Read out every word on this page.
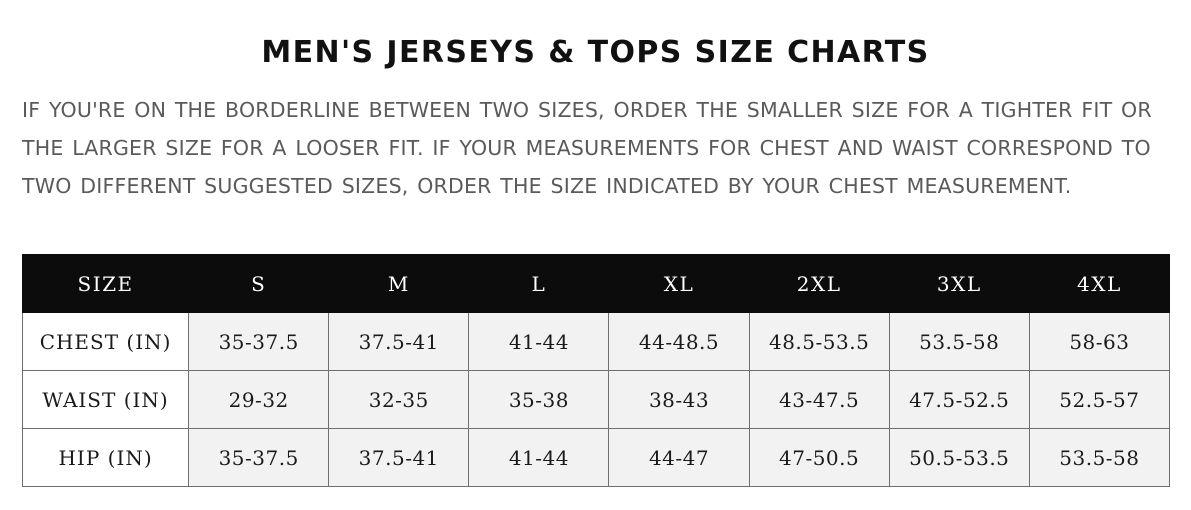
MEN'S JERSEYS & TOPS SIZE CHARTS

IF YOU'RE ON THE BORDERLINE BETWEEN TWO SIZES, ORDER THE SMALLER SIZE FOR A TIGHTER FIT OR THE LARGER SIZE FOR A LOOSER FIT. IF YOUR MEASUREMENTS FOR CHEST AND WAIST CORRESPOND TO TWO DIFFERENT SUGGESTED SIZES, ORDER THE SIZE INDICATED BY YOUR CHEST MEASUREMENT.

SIZE	S	M	L	XL	2XL	3XL	4XL
CHEST (IN)	35-37.5	37.5-41	41-44	44-48.5	48.5-53.5	53.5-58	58-63
WAIST (IN)	29-32	32-35	35-38	38-43	43-47.5	47.5-52.5	52.5-57
HIP (IN)	35-37.5	37.5-41	41-44	44-47	47-50.5	50.5-53.5	53.5-58
